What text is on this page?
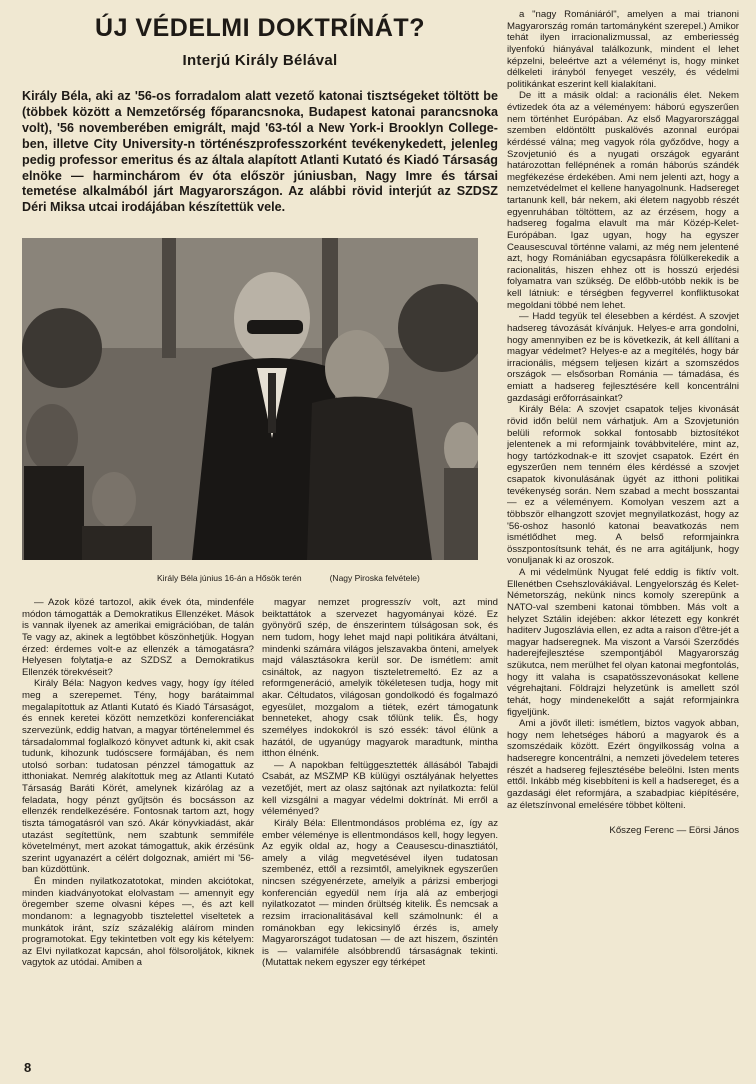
ÚJ VÉDELMI DOKTRÍNÁT?
Interjú Király Bélával

Király Béla, aki az '56-os forradalom alatt vezető katonai tisztségeket töltött be (többek között a Nemzetőrség főparancsnoka, Budapest katonai parancsnoka volt), '56 novemberében emigrált, majd '63-tól a New York-i Brooklyn College-ben, illetve City University-n történészprofesszorként tevékenykedett, jelenleg pedig professor emeritus és az általa alapított Atlanti Kutató és Kiadó Társaság elnöke — harminchárom év óta először júniusban, Nagy Imre és társai temetése alkalmából járt Magyarországon. Az alábbi rövid interjút az SZDSZ Déri Miksa utcai irodájában készítettük vele.

Király Béla június 16-án a Hősök terén	(Nagy Piroska felvétele)

— Azok közé tartozol, akik évek óta, mindenféle módon támogatták a Demokratikus Ellenzéket. Mások is vannak ilyenek az amerikai emigrációban, de talán Te vagy az, akinek a legtöbbet köszönhetjük. Hogyan érzed: érdemes volt-e az ellenzék a támogatásra? Helyesen folytatja-e az SZDSZ a Demokratikus Ellenzék törekvéseit?

Király Béla: Nagyon kedves vagy, hogy így ítéled meg a szerepemet. Tény, hogy barátaimmal megalapítottuk az Atlanti Kutató és Kiadó Társaságot, és ennek keretei között nemzetközi konferenciákat szervezünk, eddig hatvan, a magyar történelemmel és társadalommal foglalkozó könyvet adtunk ki, akit csak tudunk, kihozunk tudóscsere formájában, és nem utolsó sorban: tudatosan pénzzel támogattuk az itthoniakat. Nemrég alakítottuk meg az Atlanti Kutató Társaság Baráti Körét, amelynek kizárólag az a feladata, hogy pénzt gyűjtsön és bocsásson az ellenzék rendelkezésére. Fontosnak tartom azt, hogy tiszta támogatásról van szó. Akár könyvkiadást, akár utazást segítettünk, nem szabtunk semmiféle követelményt, mert azokat támogattuk, akik érzésünk szerint ugyanazért a célért dolgoznak, amiért mi '56-ban küzdöttünk.

Én minden nyilatkozatotokat, minden akciótokat, minden kiadványotokat elolvastam — amennyit egy öregember szeme olvasni képes —, és azt kell mondanom: a legnagyobb tisztelettel viseltetek a munkátok iránt, szíz százalékig aláírom minden programotokat. Egy tekintetben volt egy kis kételyem: az Elvi nyilatkozat kapcsán, ahol fölsoroljátok, kiknek vagytok az utódai. Amiben a

magyar nemzet progresszív volt, azt mind beiktattátok a szervezet hagyományai közé. Ez gyönyörű szép, de énszerintem túlságosan sok, és nem tudom, hogy lehet majd napi politikára átváltani, mindenki számára világos jelszavakba önteni, amelyek majd választásokra kerül sor. De ismétlem: amit csináltok, az nagyon tiszteletremeltó. Ez az a reformgeneráció, amelyik tökéletesen tudja, hogy mit akar. Céltudatos, világosan gondolkodó és fogalmazó egyesület, mozgalom a tiétek, ezért támogatunk benneteket, ahogy csak tőlünk telik. És, hogy személyes indokokról is szó essék: távol élünk a hazától, de ugyanúgy magyarok maradtunk, mintha itthon élnénk.

— A napokban feltüggesztették állásából Tabajdi Csabát, az MSZMP KB külügyi osztályának helyettes vezetőjét, mert az olasz sajtónak azt nyilatkozta: felül kell vizsgálni a magyar védelmi doktrínát. Mi erről a véleményed?

Király Béla: Ellentmondásos probléma ez, így az ember véleménye is ellentmondásos kell, hogy legyen. Az egyik oldal az, hogy a Ceausescu-dinasztiától, amely a világ megvetésével ilyen tudatosan szembenéz, ettől a rezsimtől, amelyiknek egyszerűen nincsen szégyenérzete, amelyik a párizsi emberjogi konferencián egyedül nem írja alá az emberjogi nyilatkozatot — minden őrültség kitelik. És nemcsak a rezsim irracionalitásával kell számolnunk: él a románokban egy lekicsinylő érzés is, amely Magyarországot tudatosan — de azt hiszem, őszintén is — valamiféle alsóbbrendű társaságnak tekinti. (Mutattak nekem egyszer egy térképet

a "nagy Romániáról", amelyen a mai trianoni Magyarország román tartományként szerepel.) Amikor tehát ilyen irracionalizmussal, az emberiesség ilyenfokú hiányával találkozunk, mindent el lehet képzelni, beleértve azt a véleményt is, hogy minket délkeleti irányból fenyeget veszély, és védelmi politikánkat eszerint kell kialakítani.

De itt a másik oldal: a racionális élet. Nekem évtizedek óta az a véleményem: háború egyszerűen nem történhet Európában. Az első Magyarországgal szemben eldöntöltt puskalövés azonnal európai kérdéssé válna; meg vagyok róla győződve, hogy a Szovjetunió és a nyugati országok egyaránt határozottan fellépnének a román háborús szándék megfékezése érdekében. Ami nem jelenti azt, hogy a nemzetvédelmet el kellene hanyagolnunk. Hadsereget tartanunk kell, bár nekem, aki életem nagyobb részét egyenruhában töltöttem, az az érzésem, hogy a hadsereg fogalma elavult ma már Közép-Kelet-Európában. Igaz ugyan, hogy ha egyszer Ceausescuval történne valami, az még nem jelentené azt, hogy Romániában egycsapásra fölülkerekedik a racionalitás, hiszen ehhez ott is hosszú erjedési folyamatra van szükség. De előbb-utóbb nekik is be kell látniuk: e térségben fegyverrel konfliktusokat megoldani többé nem lehet.

— Hadd tegyük tel élesebben a kérdést. A szovjet hadsereg távozását kívánjuk. Helyes-e arra gondolni, hogy amennyiben ez be is következik, át kell állítani a magyar védelmet? Helyes-e az a megítélés, hogy bár irracionális, mégsem teljesen kizárt a szomszédos országok — elsősorban Románia — támadása, és emiatt a hadsereg fejlesztésére kell koncentrálni gazdasági erőforrásainkat?

Király Béla: A szovjet csapatok teljes kivonását rövid időn belül nem várhatjuk. Am a Szovjetunión belüli reformok sokkal fontosabb biztosítékot jelentenek a mi reformjaink továbbvitelére, mint az, hogy tartózkodnak-e itt szovjet csapatok. Ezért én egyszerűen nem tenném éles kérdéssé a szovjet csapatok kivonulásának ügyét az itthoni politikai tevékenység során. Nem szabad a mecht bosszantai — ez a véleményem. Komolyan veszem azt a többször elhangzott szovjet megnyilatkozást, hogy az '56-oshoz hasonló katonai beavatkozás nem ismétlődhet meg. A belső reformjainkra összpontosítsunk tehát, és ne arra agitáljunk, hogy vonuljanak ki az oroszok.

A mi védelmünk Nyugat felé eddig is fiktív volt. Ellenétben Csehszlovákiával. Lengyelország és Kelet-Németország, nekünk nincs komoly szerepünk a NATO-val szembeni katonai tömbben. Más volt a helyzet Sztálin idejében: akkor létezett egy konkrét haditerv Jugoszlávia ellen, ez adta a raison d'être-jét a magyar hadseregnek. Ma viszont a Varsói Szerződés haderejfejlesztése szempontjából Magyarország szükutca, nem merülhet fel olyan katonai megfontolás, hogy itt valaha is csapatösszevonásokat kellene végrehajtani. Földrajzi helyzetünk is amellett szól tehát, hogy mindenekelőtt a saját reformjainkra figyeljünk.

Ami a jövőt illeti: ismétlem, biztos vagyok abban, hogy nem lehetséges háború a magyarok és a szomszédaik között. Ezért öngyilkosság volna a hadseregre koncentrálni, a nemzeti jövedelem teteres részét a hadsereg fejlesztésébe beleölni. Isten ments ettől. Inkább még kisebbíteni is kell a hadsereget, és a gazdasági élet reformjára, a szabadpiac kiépítésére, az életszínvonal emelésére többet költeni.

Kőszeg Ferenc — Eörsi János

8
